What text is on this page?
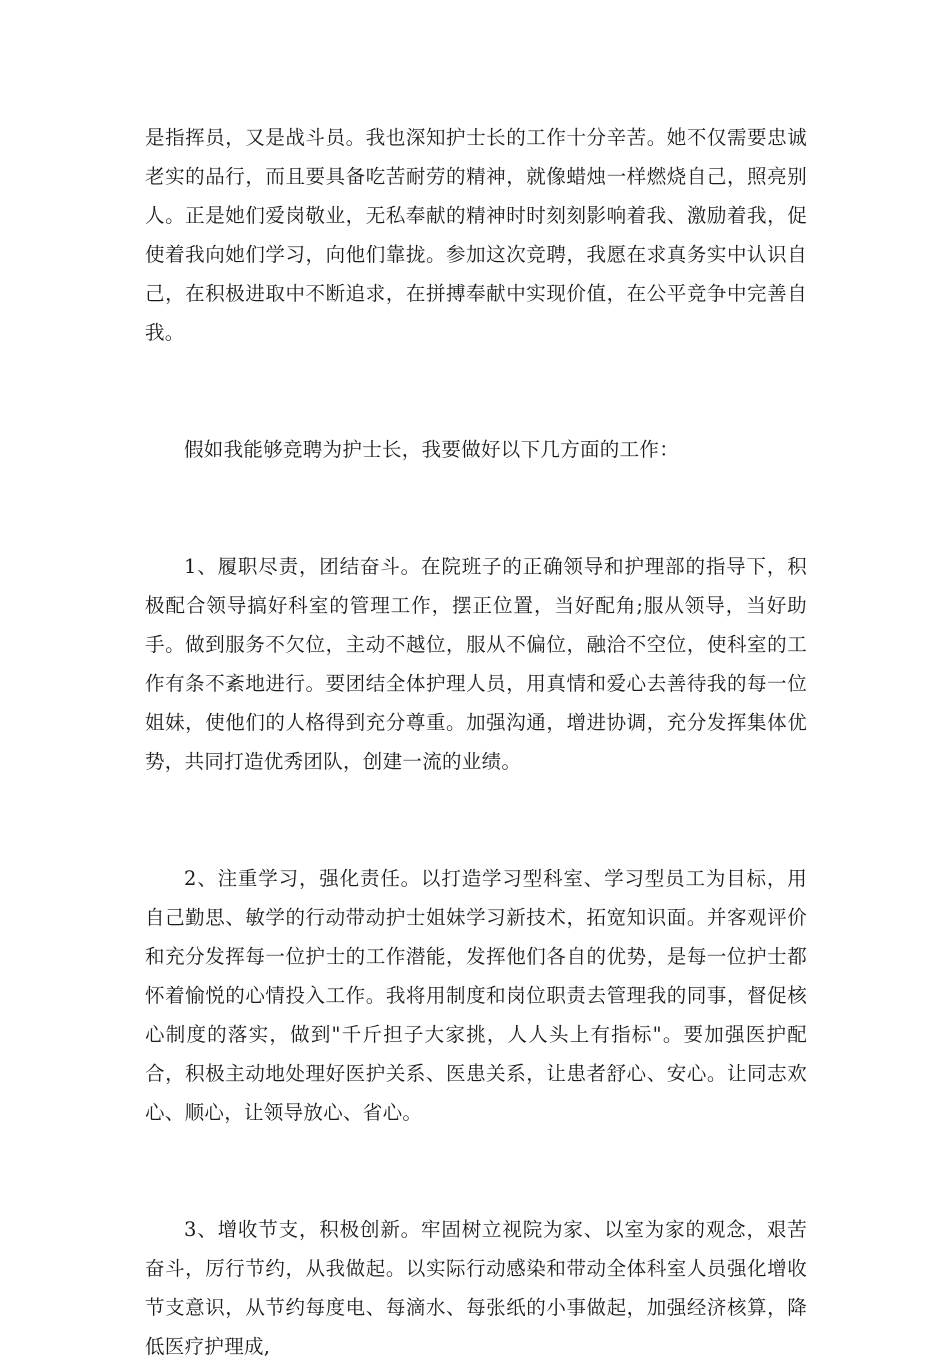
是指挥员，又是战斗员。我也深知护士长的工作十分辛苦。她不仅需要忠诚老实的品行，而且要具备吃苦耐劳的精神，就像蜡烛一样燃烧自己，照亮别人。正是她们爱岗敬业，无私奉献的精神时时刻刻影响着我、激励着我，促使着我向她们学习，向他们靠拢。参加这次竞聘，我愿在求真务实中认识自己，在积极进取中不断追求，在拼搏奉献中实现价值，在公平竞争中完善自我。

假如我能够竞聘为护士长，我要做好以下几方面的工作：

1、履职尽责，团结奋斗。在院班子的正确领导和护理部的指导下，积极配合领导搞好科室的管理工作，摆正位置，当好配角;服从领导，当好助手。做到服务不欠位，主动不越位，服从不偏位，融洽不空位，使科室的工作有条不紊地进行。要团结全体护理人员，用真情和爱心去善待我的每一位姐妹，使他们的人格得到充分尊重。加强沟通，增进协调，充分发挥集体优势，共同打造优秀团队，创建一流的业绩。

2、注重学习，强化责任。以打造学习型科室、学习型员工为目标，用自己勤思、敏学的行动带动护士姐妹学习新技术，拓宽知识面。并客观评价和充分发挥每一位护士的工作潜能，发挥他们各自的优势，是每一位护士都怀着愉悦的心情投入工作。我将用制度和岗位职责去管理我的同事，督促核心制度的落实，做到"千斤担子大家挑，人人头上有指标"。要加强医护配合，积极主动地处理好医护关系、医患关系，让患者舒心、安心。让同志欢心、顺心，让领导放心、省心。

3、增收节支，积极创新。牢固树立视院为家、以室为家的观念，艰苦奋斗，厉行节约，从我做起。以实际行动感染和带动全体科室人员强化增收节支意识，从节约每度电、每滴水、每张纸的小事做起，加强经济核算，降低医疗护理成,
